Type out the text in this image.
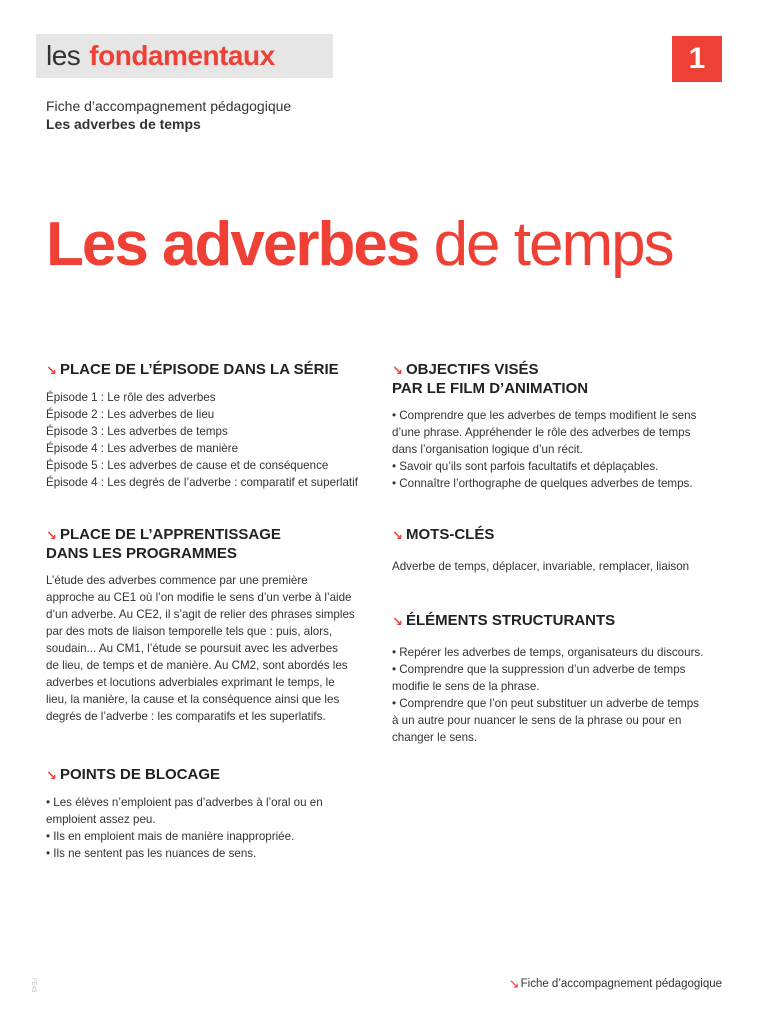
les fondamentaux	1
Fiche d’accompagnement pédagogique
Les adverbes de temps
Les adverbes de temps
↘ PLACE DE L’ÉPISODE DANS LA SÉRIE

Épisode 1 : Le rôle des adverbes

Épisode 2 : Les adverbes de lieu

Épisode 3 : Les adverbes de temps

Épisode 4 : Les adverbes de manière

Épisode 5 : Les adverbes de cause et de conséquence

Épisode 4 : Les degrés de l’adverbe : comparatif et superlatif

↘ PLACE DE L’APPRENTISSAGE
DANS LES PROGRAMMES

L’étude des adverbes commence par une première

approche au CE1 où l’on modifie le sens d’un verbe à l’aide

d’un adverbe. Au CE2, il s’agit de relier des phrases simples

par des mots de liaison temporelle tels que : puis, alors,

soudain... Au CM1, l’étude se poursuit avec les adverbes

de lieu, de temps et de manière. Au CM2, sont abordés les

adverbes et locutions adverbiales exprimant le temps, le

lieu, la manière, la cause et la conséquence ainsi que les

degrés de l’adverbe : les comparatifs et les superlatifs.

↘ POINTS DE BLOCAGE

• Les élèves n’emploient pas d’adverbes à l’oral ou en

emploient assez peu.

• Ils en emploient mais de manière inappropriée.

• Ils ne sentent pas les nuances de sens.

↘ OBJECTIFS VISÉS
PAR LE FILM D’ANIMATION

• Comprendre que les adverbes de temps modifient le sens

d’une phrase. Appréhender le rôle des adverbes de temps

dans l’organisation logique d’un récit.

• Savoir qu’ils sont parfois facultatifs et déplaçables.

• Connaître l’orthographe de quelques adverbes de temps.

↘ MOTS-CLÉS

Adverbe de temps, déplacer, invariable, remplacer, liaison

↘ ÉLÉMENTS STRUCTURANTS

• Repérer les adverbes de temps, organisateurs du discours.

• Comprendre que la suppression d’un adverbe de temps

modifie le sens de la phrase.

• Comprendre que l’on peut substituer un adverbe de temps

à un autre pour nuancer le sens de la phrase ou pour en

changer le sens.

FE43	↘ Fiche d’accompagnement pédagogique
